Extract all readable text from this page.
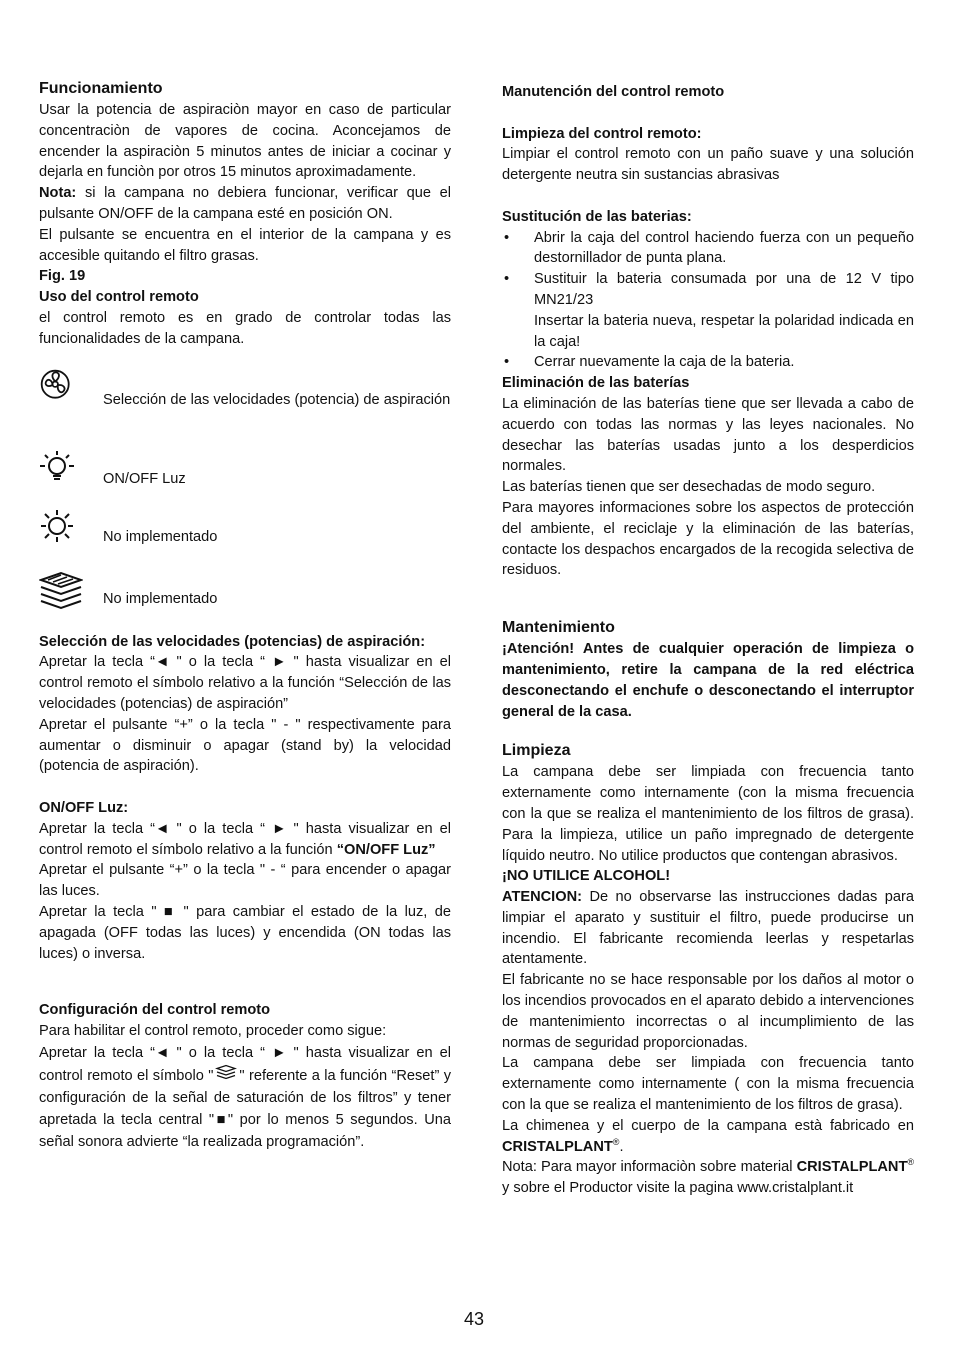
Funcionamiento

Usar la potencia de aspiraciòn mayor en caso de particular concentraciòn de vapores de cocina. Aconcejamos de encender la aspiraciòn 5 minutos antes de iniciar a cocinar y dejarla en funciòn por otros 15 minutos aproximadamente.

Nota: si la campana no debiera funcionar, verificar que el pulsante ON/OFF de la campana esté en posición ON.

El pulsante se encuentra en el interior de la campana y es accesible quitando el filtro grasas.

Fig. 19
Uso del control remoto

el control remoto es en grado de controlar todas las funcionalidades de la campana.

Selección de las velocidades (potencia) de aspiración

ON/OFF Luz
No implementado
No implementado
Selección de las velocidades (potencias) de aspiración:

Apretar la tecla “◄ " o la tecla “ ► " hasta visualizar en el control remoto el símbolo relativo a la función “Selección de las velocidades (potencias) de aspiración”

Apretar el pulsante “+” o la tecla " - " respectivamente para aumentar o disminuir o apagar (stand by) la velocidad (potencia de aspiración).

ON/OFF Luz:

Apretar la tecla “◄ " o la tecla “ ► " hasta visualizar en el control remoto el símbolo relativo a la función “ON/OFF Luz”

Apretar el pulsante “+” o la tecla " - “ para encender o apagar las luces.

Apretar la tecla " ■ " para cambiar el estado de la luz, de apagada (OFF todas las luces) y encendida (ON todas las luces) o inversa.

Configuración del control remoto

Para habilitar el control remoto, proceder como sigue:

Apretar la tecla “◄ " o la tecla “ ► " hasta visualizar en el control remoto el símbolo " " referente a la función “Reset” y configuración de la señal de saturación de los filtros” y tener apretada la tecla central "■" por lo menos 5 segundos. Una señal sonora advierte “la realizada programación”.

Manutención del control remoto
Limpieza del control remoto:

Limpiar el control remoto con un paño suave y una solución detergente neutra sin sustancias abrasivas

Sustitución de las baterias:
• Abrir la caja del control haciendo fuerza con un pequeño destornillador de punta plana.
• Sustituir la bateria consumada por una de 12 V tipo MN21/23
Insertar la bateria nueva, respetar la polaridad indicada en la caja!
• Cerrar nuevamente la caja de la bateria.
Eliminación de las baterías

La eliminación de las baterías tiene que ser llevada a cabo de acuerdo con todas las normas y las leyes nacionales. No desechar las baterías usadas junto a los desperdicios normales.

Las baterías tienen que ser desechadas de modo seguro.

Para mayores informaciones sobre los aspectos de protección del ambiente, el reciclaje y la eliminación de las baterías, contacte los despachos encargados de la recogida selectiva de residuos.

Mantenimiento

¡Atención! Antes de cualquier operación de limpieza o mantenimiento, retire la campana de la red eléctrica desconectando el enchufe o desconectando el interruptor general de la casa.

Limpieza

La campana debe ser limpiada con frecuencia tanto externamente como internamente (con la misma frecuencia con la que se realiza el mantenimiento de los filtros de grasa). Para la limpieza, utilice un paño impregnado de detergente líquido neutro. No utilice productos que contengan abrasivos.

¡NO UTILICE ALCOHOL!

ATENCION: De no observarse las instrucciones dadas para limpiar el aparato y sustituir el filtro, puede producirse un incendio. El fabricante recomienda leerlas y respetarlas atentamente.

El fabricante no se hace responsable por los daños al motor o los incendios provocados en el aparato debido a intervenciones de mantenimiento incorrectas o al incumplimiento de las normas de seguridad proporcionadas.

La campana debe ser limpiada con frecuencia tanto externamente como internamente ( con la misma frecuencia con la que se realiza el mantenimiento de los filtros de grasa).

La chimenea y el cuerpo de la campana està fabricado en CRISTALPLANT®.

Nota: Para mayor informaciòn sobre material CRISTALPLANT® y sobre el Productor visite la pagina www.cristalplant.it

43
